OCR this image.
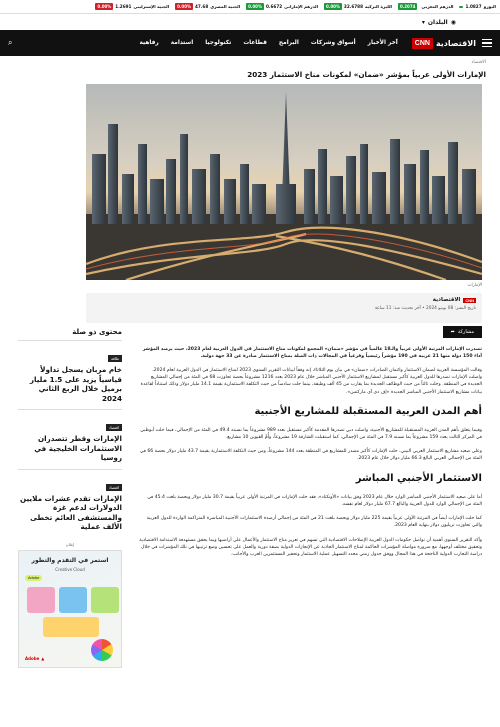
اليورو
1.0827
الدرهم المغربي
0.2074
الليرة التركية
32.6788
0.00%
الدرهم الإماراتي
0.6672
0.00%
الجنيه المصري
47.68
0.00%
الجنيه الإسترليني
1.2691
0.00%
▾ البلدان ◉
CNN الاقتصادية
آخر الأخبار
أسواق وشركات
البرامج
قطاعات
تكنولوجيا
استدامة
رفاهية
⌕
الاقتصاد
الإمارات الأولى عربياً بمؤشر «ضمان» لمكونات مناخ الاستثمار 2023
الإمارات
CNN
الاقتصادية
تاريخ النشر: 08 يونيو 2024 • آخر تحديث منذ: 11 ساعة
➦ مشاركة

تصدرت الإمارات المرتبة الأولى عربياً والـ18 عالمياً في مؤشر «ضمان» المجمع لمكونات مناخ الاستثمار في الدول العربية لعام 2023، حيث يرصد المؤشر أداء 150 دولة منها 21 عربية في 190 مؤشراً رئيسياً وفرعياً في المجالات ذات الصلة بمناخ الاستثمار صادرة عن 33 جهة دولية.

وقالت المؤسسة العربية لضمان الاستثمار وائتمان الصادرات «ضمان» في بيان يوم الثلاثاء، إنه وفقاً لبيانات التقرير السنوي 2023 لمناخ الاستثمار في الدول العربية لعام 2024، واصلت الإمارات تصدرها للدول العربية كأكبر مستقبل لمشاريع الاستثمار الأجنبي المباشر خلال عام 2023 بعدد 1216 مشروعاً بحصة تجاوزت 68 في المئة من إجمالي المشاريع الجديدة في المنطقة. وحلت ثالثاً من حيث الوظائف الجديدة بما يقارب من 45 ألف وظيفة، بينما حلت سادساً من حيث التكلفة الاستثمارية بقيمة 14.1 مليار دولار وذلك استناداً لقاعدة بيانات مشاريع الاستثمار الأجنبي المباشر الجديدة «إف دي آي ماركتس».

أهم المدن العربية المستقبلة للمشاريع الأجنبية

وفيما يتعلق بأهم المدن العربية المستقبلة للمشاريع الأجنبية، واصلت دبي تصدرها المقدمة كأكبر مستقبل بعدد 989 مشروعاً بما نسبته 49.4 في المئة من الإجمالي، فيما حلت أبوظبي في المركز الثالث بعدد 159 مشروعاً بما نسبته 7.9 في المئة من الإجمالي، كما استقبلت الشارقة 19 مشروعاً، وأُمّ القيوين 10 مشاريع.

وعلى صعيد مشاريع الاستثمار العربي البيني، حلت الإمارات كأكبر مصدر للمشاريع في المنطقة بعدد 144 مشروعاً، ومن حيث التكلفة الاستثمارية بقيمة 43.7 مليار دولار بحصة 66 في المئة من الإجمالي العربي البالغ 66.3 مليار دولار خلال عام 2023.

الاستثمار الأجنبي المباشر

أما على صعيد الاستثمار الأجنبي المباشر الوارد خلال عام 2023 وفق بيانات «الأونكتاد»، فقد حلت الإمارات في المرتبة الأولى عربياً بقيمة 30.7 مليار دولار وبحصة بلغت 45.4 في المئة من الإجمالي الوارد للدول العربية والبالغ 67.7 مليار دولار لعام نفسه.

كما حلت الإمارات أيضاً في المرتبة الأولى عربياً بقيمة 225 مليار دولار وبحصة بلغت 21 في المئة من إجمالي أرصدة الاستثمارات الأجنبية المباشرة المتراكمة الواردة للدول العربية والتي تجاوزت تريليون دولار بنهاية العام 2023.

وأكد التقرير السنوي أهمية أن تواصل حكومات الدول العربية الإصلاحات الاقتصادية التي تسهم في تعزيز مناخ الاستثمار والأعمال على أراضيها وبما يحقق مستهدفة الاستدامة الاقتصادية وتحقيق مختلف أوجهها، مع ضرورة مواصلة المؤشرات الحاكمة لمناخ الاستثمار الجاذبة عن الإنجازات الدولية بصفة دورية والعمل على تحسين وضع ترتيبها في تلك المؤشرات في خلال دراسة التجارب الدولية الناجحة في هذا المجال ووفق جدول زمني محدد التسهيل عملية الاستثمار وتحفيز المستثمرين العرب والأجانب.

محتوى ذو صلة
طاقة
خام مربان يسجل تداولاً قياسياً يزيد على 1.5 مليار برميل خلال الربع الثاني 2024
اقتصاد
الإمارات وقطر تتصدران الاستثمارات الخليجية في روسيا
اقتصاد
الإمارات تقدم عشرات ملايين الدولارات لدعم غزة والمستشفى العائم تخطى الألف عملية
إعلان
استمر في التقدم والتطور
Creative Cloud
Adobe
▲
Adobe
